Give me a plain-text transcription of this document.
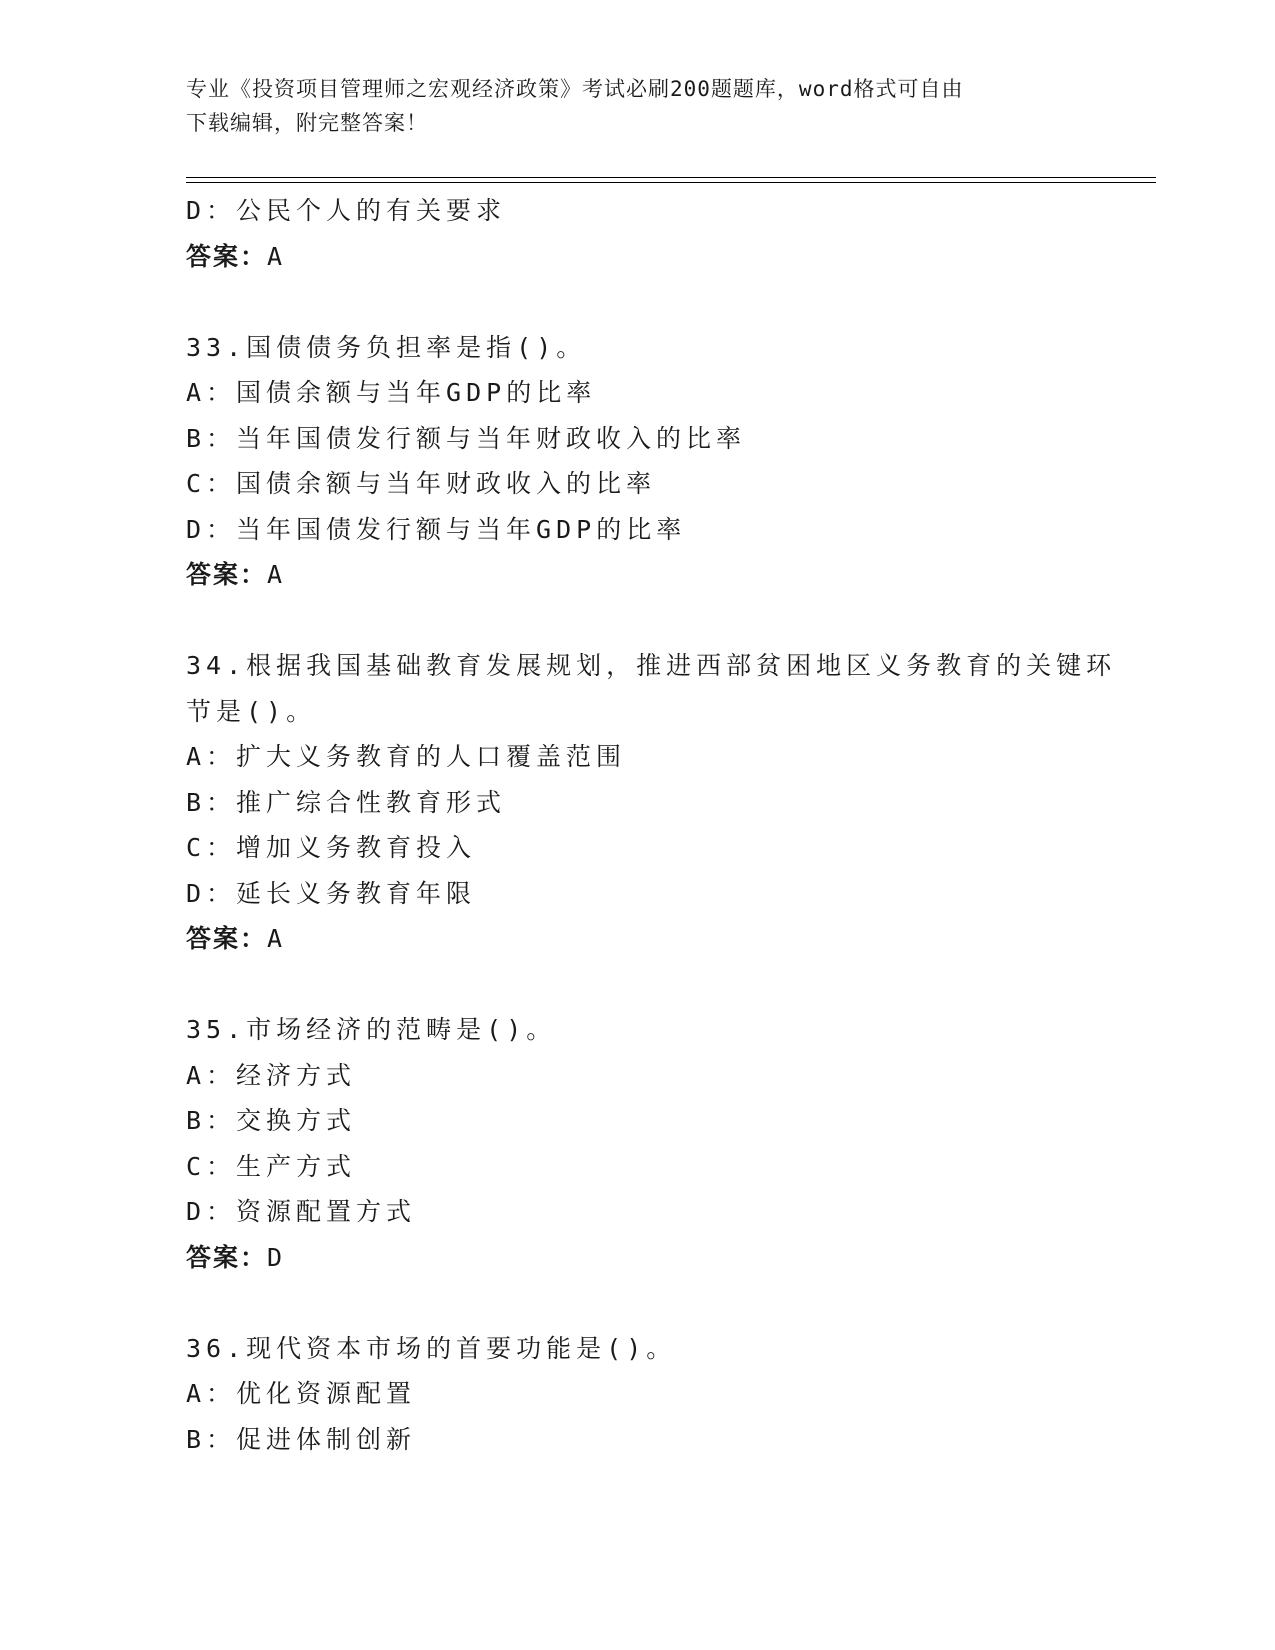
专业《投资项目管理师之宏观经济政策》考试必刷200题题库，word格式可自由
下载编辑，附完整答案！
D：公民个人的有关要求
答案：A
33.国债债务负担率是指()。
A：国债余额与当年GDP的比率
B：当年国债发行额与当年财政收入的比率
C：国债余额与当年财政收入的比率
D：当年国债发行额与当年GDP的比率
答案：A
34.根据我国基础教育发展规划，推进西部贫困地区义务教育的关键环
节是()。
A：扩大义务教育的人口覆盖范围
B：推广综合性教育形式
C：增加义务教育投入
D：延长义务教育年限
答案：A
35.市场经济的范畴是()。
A：经济方式
B：交换方式
C：生产方式
D：资源配置方式
答案：D
36.现代资本市场的首要功能是()。
A：优化资源配置
B：促进体制创新
